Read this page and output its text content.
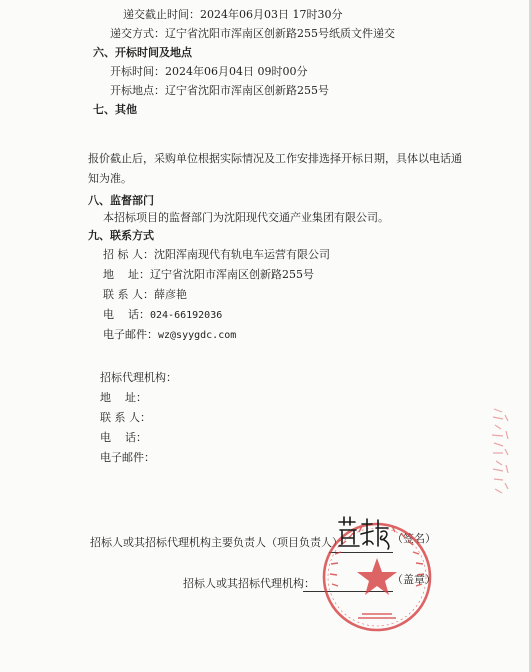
递交截止时间：2024年06月03日 17时30分
递交方式：辽宁省沈阳市浑南区创新路255号纸质文件递交
六、开标时间及地点
开标时间：2024年06月04日 09时00分
开标地点：辽宁省沈阳市浑南区创新路255号
七、其他
报价截止后，采购单位根据实际情况及工作安排选择开标日期，具体以电话通
知为准。
八、监督部门
本招标项目的监督部门为沈阳现代交通产业集团有限公司。
九、联系方式
招 标 人：沈阳浑南现代有轨电车运营有限公司
地    址：辽宁省沈阳市浑南区创新路255号
联 系 人：薛彦艳
电    话：024-66192036
电子邮件：wz@syygdc.com
招标代理机构：
地    址：
联 系 人：
电    话：
电子邮件：
招标人或其招标代理机构主要负责人（项目负责人）：	（签名）
招标人或其招标代理机构：	（盖章）
